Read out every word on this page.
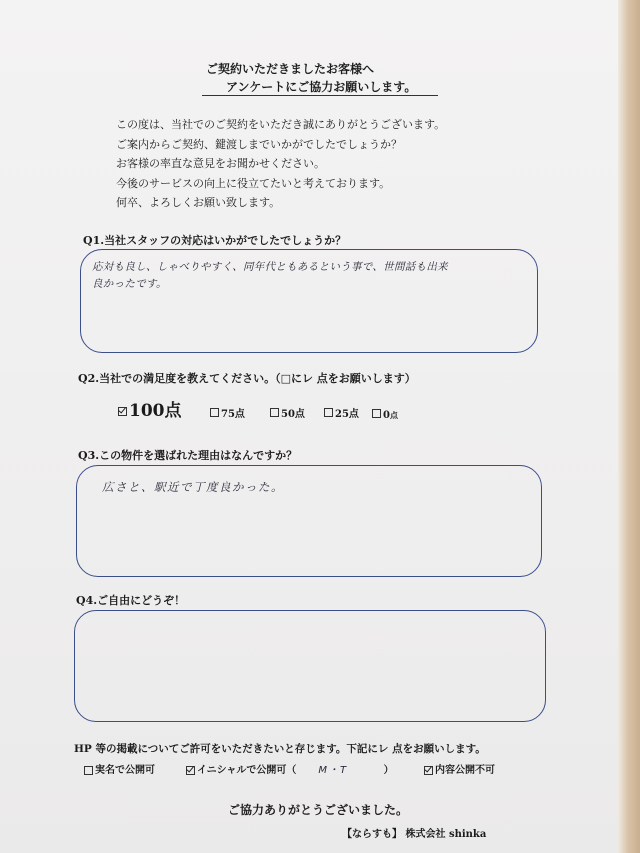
ご契約いただきましたお客様へ
アンケートにご協力お願いします。
この度は、当社でのご契約をいただき誠にありがとうございます。
ご案内からご契約、鍵渡しまでいかがでしたでしょうか？
お客様の率直な意見をお聞かせください。
今後のサービスの向上に役立てたいと考えております。
何卒、よろしくお願い致します。
Q1.当社スタッフの対応はいかがでしたでしょうか？
応対も良し、しゃべりやすく、同年代ともあるという事で、世間話も出来
良かったです。
Q2.当社での満足度を教えてください。（□にレ 点をお願いします）
100点	75点	50点	25点	0点
Q3.この物件を選ばれた理由はなんですか？
広さと、駅近で丁度良かった。
Q4.ご自由にどうぞ！
HP 等の掲載についてご許可をいただきたいと存じます。下記にレ 点をお願いします。
実名で公開可	イニシャルで公開可（ M・T	）	内容公開不可
ご協力ありがとうございました。
【ならすも】 株式会社 shinka
